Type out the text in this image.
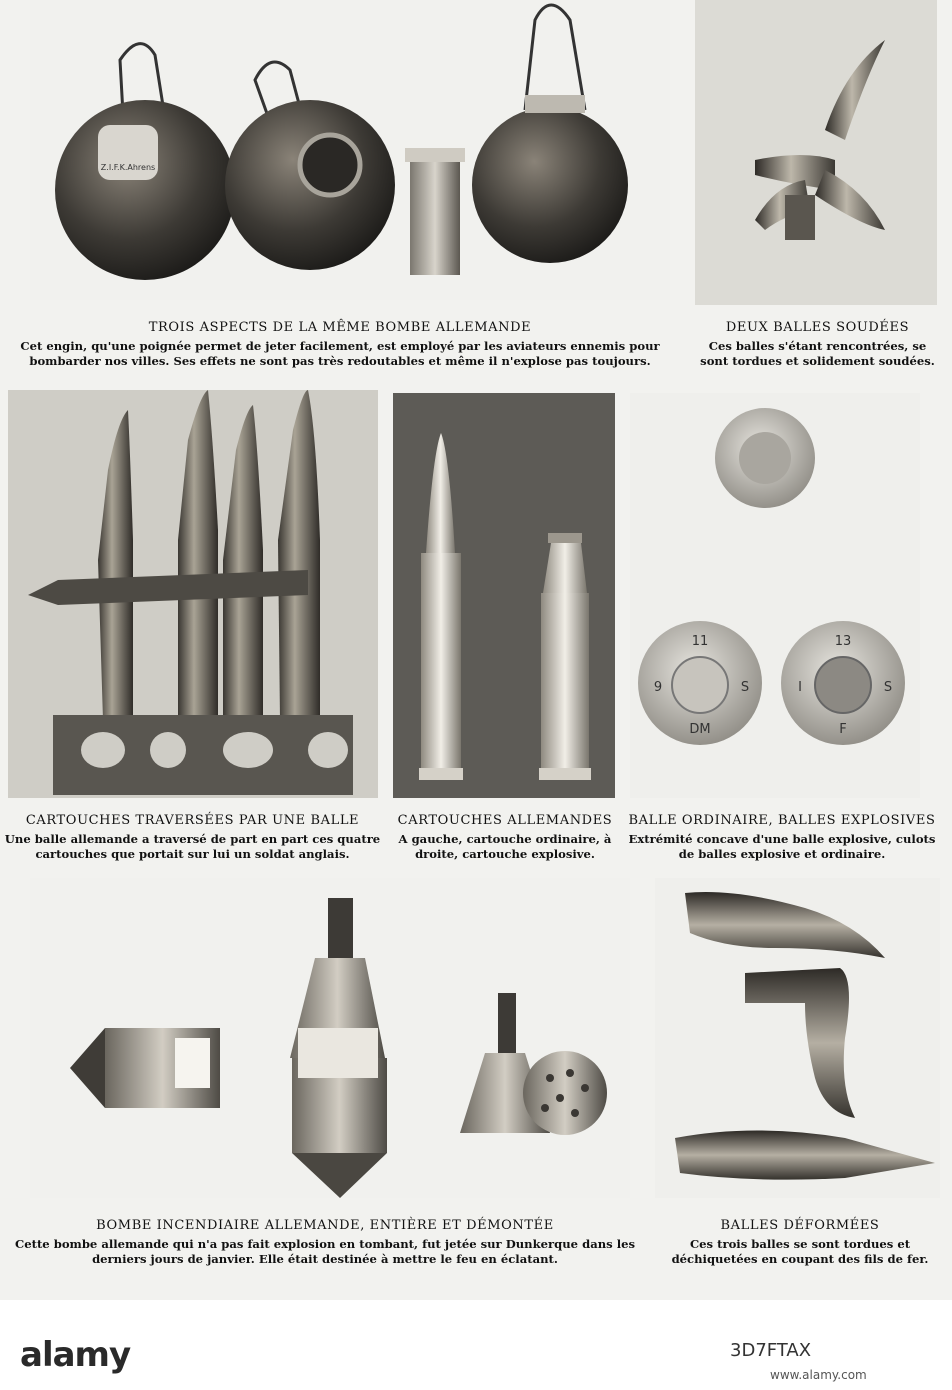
Z.I.F.K.Ahrens
TROIS ASPECTS DE LA MÊME BOMBE ALLEMANDE
Cet engin, qu'une poignée permet de jeter facilement, est employé par les aviateurs ennemis pour bombarder nos villes. Ses effets ne sont pas très redoutables et même il n'explose pas toujours.
DEUX BALLES SOUDÉES
Ces balles s'étant rencontrées, se sont tordues et solidement soudées.
11
S
DM
9
13
S
I
F
CARTOUCHES TRAVERSÉES PAR UNE BALLE
Une balle allemande a traversé de part en part ces quatre cartouches que portait sur lui un soldat anglais.
CARTOUCHES ALLEMANDES
A gauche, cartouche ordinaire, à droite, cartouche explosive.
BALLE ORDINAIRE, BALLES EXPLOSIVES
Extrémité concave d'une balle explosive, culots de balles explosive et ordinaire.
BOMBE INCENDIAIRE ALLEMANDE, ENTIÈRE ET DÉMONTÉE
Cette bombe allemande qui n'a pas fait explosion en tombant, fut jetée sur Dunkerque dans les derniers jours de janvier. Elle était destinée à mettre le feu en éclatant.
BALLES DÉFORMÉES
Ces trois balles se sont tordues et déchiquetées en coupant des fils de fer.
alamy	3D7FTAX
www.alamy.com
